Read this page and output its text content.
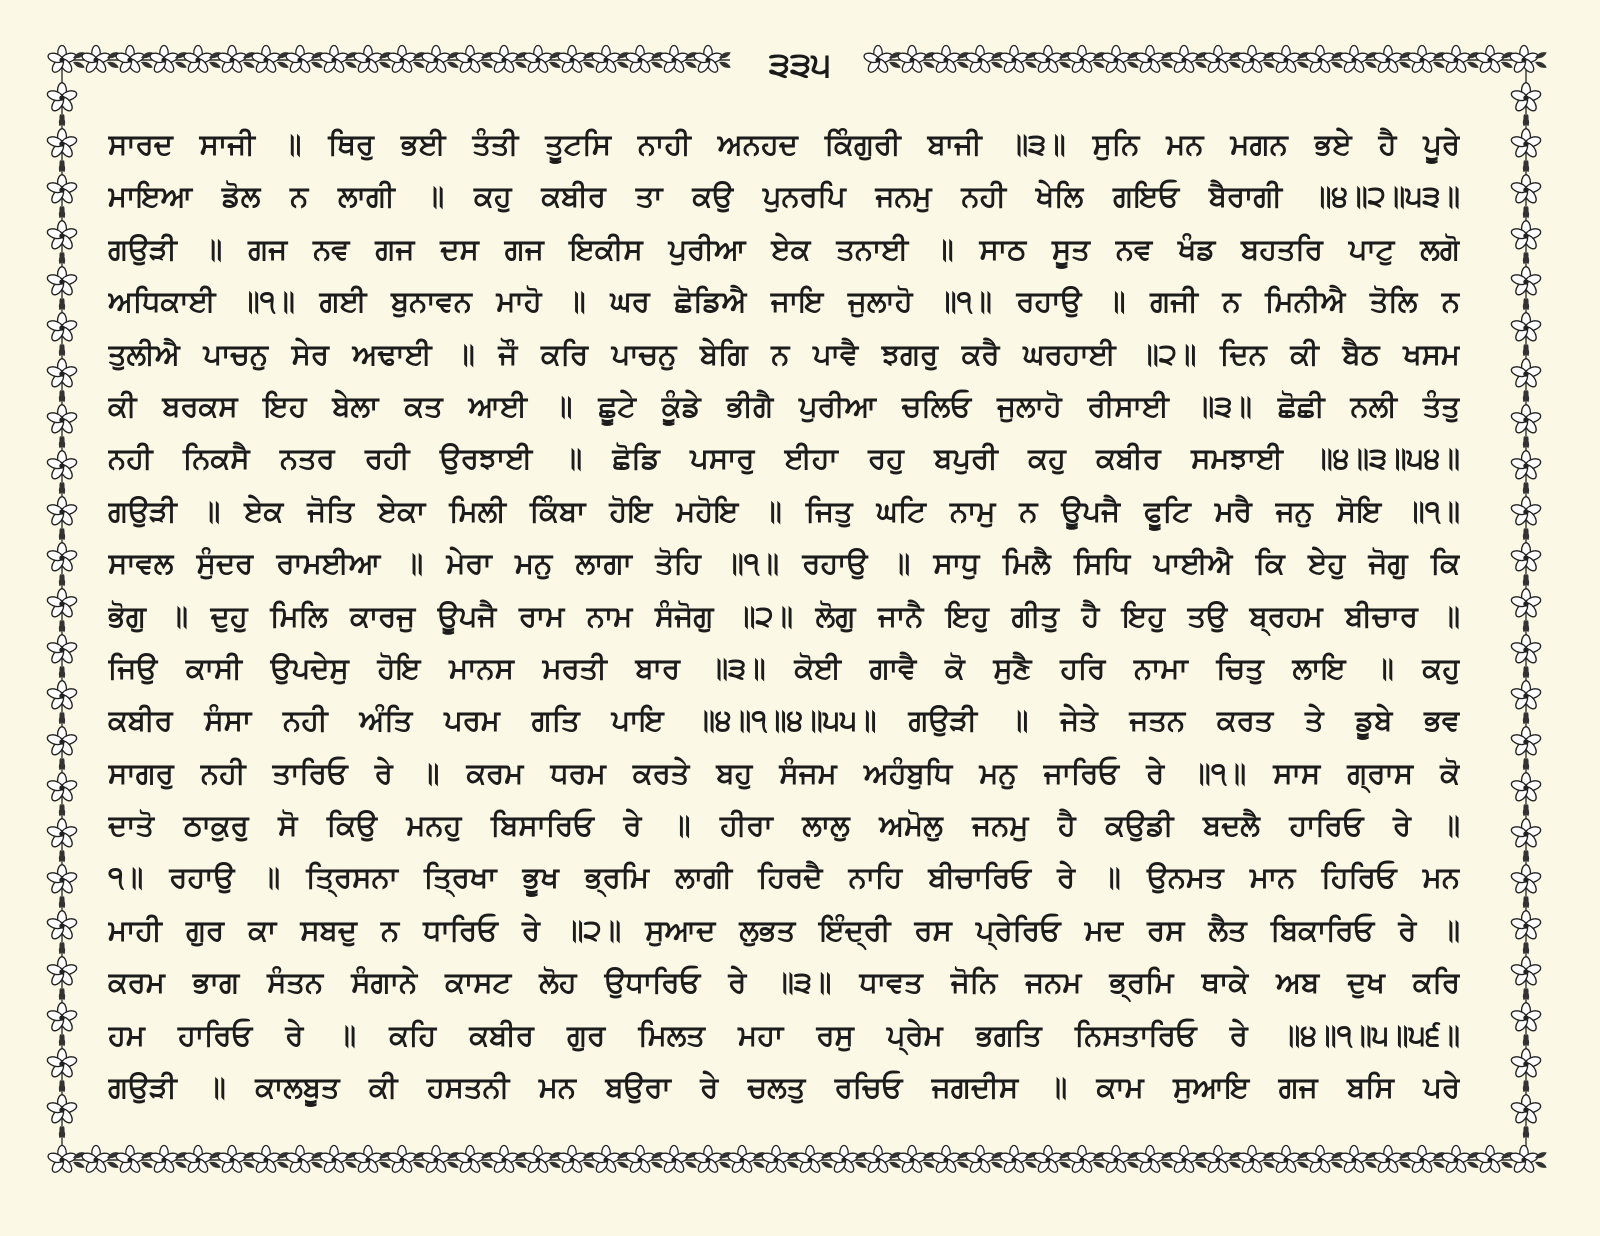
੩੩੫
ਸਾਰਦ ਸਾਜੀ ॥ ਥਿਰੁ ਭਈ ਤੰਤੀ ਤੂਟਸਿ ਨਾਹੀ ਅਨਹਦ ਕਿੰਗੁਰੀ ਬਾਜੀ ॥੩॥ ਸੁਨਿ ਮਨ ਮਗਨ ਭਏ ਹੈ ਪੂਰੇ
ਮਾਇਆ ਡੋਲ ਨ ਲਾਗੀ ॥ ਕਹੁ ਕਬੀਰ ਤਾ ਕਉ ਪੁਨਰਪਿ ਜਨਮੁ ਨਹੀ ਖੇਲਿ ਗਇਓ ਬੈਰਾਗੀ ॥੪॥੨॥੫੩॥
ਗਉੜੀ ॥ ਗਜ ਨਵ ਗਜ ਦਸ ਗਜ ਇਕੀਸ ਪੁਰੀਆ ਏਕ ਤਨਾਈ ॥ ਸਾਠ ਸੂਤ ਨਵ ਖੰਡ ਬਹਤਰਿ ਪਾਟੁ ਲਗੋ
ਅਧਿਕਾਈ ॥੧॥ ਗਈ ਬੁਨਾਵਨ ਮਾਹੋ ॥ ਘਰ ਛੋਡਿਐ ਜਾਇ ਜੁਲਾਹੋ ॥੧॥ ਰਹਾਉ ॥ ਗਜੀ ਨ ਮਿਨੀਐ ਤੋਲਿ ਨ
ਤੁਲੀਐ ਪਾਚਨੁ ਸੇਰ ਅਢਾਈ ॥ ਜੌ ਕਰਿ ਪਾਚਨੁ ਬੇਗਿ ਨ ਪਾਵੈ ਝਗਰੁ ਕਰੈ ਘਰਹਾਈ ॥੨॥ ਦਿਨ ਕੀ ਬੈਠ ਖਸਮ
ਕੀ ਬਰਕਸ ਇਹ ਬੇਲਾ ਕਤ ਆਈ ॥ ਛੂਟੇ ਕੂੰਡੇ ਭੀਗੈ ਪੁਰੀਆ ਚਲਿਓ ਜੁਲਾਹੋ ਰੀਸਾਈ ॥੩॥ ਛੋਛੀ ਨਲੀ ਤੰਤੁ
ਨਹੀ ਨਿਕਸੈ ਨਤਰ ਰਹੀ ਉਰਝਾਈ ॥ ਛੋਡਿ ਪਸਾਰੁ ਈਹਾ ਰਹੁ ਬਪੁਰੀ ਕਹੁ ਕਬੀਰ ਸਮਝਾਈ ॥੪॥੩॥੫੪॥
ਗਉੜੀ ॥ ਏਕ ਜੋਤਿ ਏਕਾ ਮਿਲੀ ਕਿੰਬਾ ਹੋਇ ਮਹੋਇ ॥ ਜਿਤੁ ਘਟਿ ਨਾਮੁ ਨ ਊਪਜੈ ਫੂਟਿ ਮਰੈ ਜਨੁ ਸੋਇ ॥੧॥
ਸਾਵਲ ਸੁੰਦਰ ਰਾਮਈਆ ॥ ਮੇਰਾ ਮਨੁ ਲਾਗਾ ਤੋਹਿ ॥੧॥ ਰਹਾਉ ॥ ਸਾਧੁ ਮਿਲੈ ਸਿਧਿ ਪਾਈਐ ਕਿ ਏਹੁ ਜੋਗੁ ਕਿ
ਭੋਗੁ ॥ ਦੁਹੁ ਮਿਲਿ ਕਾਰਜੁ ਊਪਜੈ ਰਾਮ ਨਾਮ ਸੰਜੋਗੁ ॥੨॥ ਲੋਗੁ ਜਾਨੈ ਇਹੁ ਗੀਤੁ ਹੈ ਇਹੁ ਤਉ ਬ੍ਰਹਮ ਬੀਚਾਰ ॥
ਜਿਉ ਕਾਸੀ ਉਪਦੇਸੁ ਹੋਇ ਮਾਨਸ ਮਰਤੀ ਬਾਰ ॥੩॥ ਕੋਈ ਗਾਵੈ ਕੋ ਸੁਣੈ ਹਰਿ ਨਾਮਾ ਚਿਤੁ ਲਾਇ ॥ ਕਹੁ
ਕਬੀਰ ਸੰਸਾ ਨਹੀ ਅੰਤਿ ਪਰਮ ਗਤਿ ਪਾਇ ॥੪॥੧॥੪॥੫੫॥ ਗਉੜੀ ॥ ਜੇਤੇ ਜਤਨ ਕਰਤ ਤੇ ਡੂਬੇ ਭਵ
ਸਾਗਰੁ ਨਹੀ ਤਾਰਿਓ ਰੇ ॥ ਕਰਮ ਧਰਮ ਕਰਤੇ ਬਹੁ ਸੰਜਮ ਅਹੰਬੁਧਿ ਮਨੁ ਜਾਰਿਓ ਰੇ ॥੧॥ ਸਾਸ ਗ੍ਰਾਸ ਕੋ
ਦਾਤੋ ਠਾਕੁਰੁ ਸੋ ਕਿਉ ਮਨਹੁ ਬਿਸਾਰਿਓ ਰੇ ॥ ਹੀਰਾ ਲਾਲੁ ਅਮੋਲੁ ਜਨਮੁ ਹੈ ਕਉਡੀ ਬਦਲੈ ਹਾਰਿਓ ਰੇ ॥
੧॥ ਰਹਾਉ ॥ ਤ੍ਰਿਸਨਾ ਤ੍ਰਿਖਾ ਭੂਖ ਭ੍ਰਮਿ ਲਾਗੀ ਹਿਰਦੈ ਨਾਹਿ ਬੀਚਾਰਿਓ ਰੇ ॥ ਉਨਮਤ ਮਾਨ ਹਿਰਿਓ ਮਨ
ਮਾਹੀ ਗੁਰ ਕਾ ਸਬਦੁ ਨ ਧਾਰਿਓ ਰੇ ॥੨॥ ਸੁਆਦ ਲੁਭਤ ਇੰਦ੍ਰੀ ਰਸ ਪ੍ਰੇਰਿਓ ਮਦ ਰਸ ਲੈਤ ਬਿਕਾਰਿਓ ਰੇ ॥
ਕਰਮ ਭਾਗ ਸੰਤਨ ਸੰਗਾਨੇ ਕਾਸਟ ਲੋਹ ਉਧਾਰਿਓ ਰੇ ॥੩॥ ਧਾਵਤ ਜੋਨਿ ਜਨਮ ਭ੍ਰਮਿ ਥਾਕੇ ਅਬ ਦੁਖ ਕਰਿ
ਹਮ ਹਾਰਿਓ ਰੇ ॥ ਕਹਿ ਕਬੀਰ ਗੁਰ ਮਿਲਤ ਮਹਾ ਰਸੁ ਪ੍ਰੇਮ ਭਗਤਿ ਨਿਸਤਾਰਿਓ ਰੇ ॥੪॥੧॥੫॥੫੬॥
ਗਉੜੀ ॥ ਕਾਲਬੂਤ ਕੀ ਹਸਤਨੀ ਮਨ ਬਉਰਾ ਰੇ ਚਲਤੁ ਰਚਿਓ ਜਗਦੀਸ ॥ ਕਾਮ ਸੁਆਇ ਗਜ ਬਸਿ ਪਰੇ
